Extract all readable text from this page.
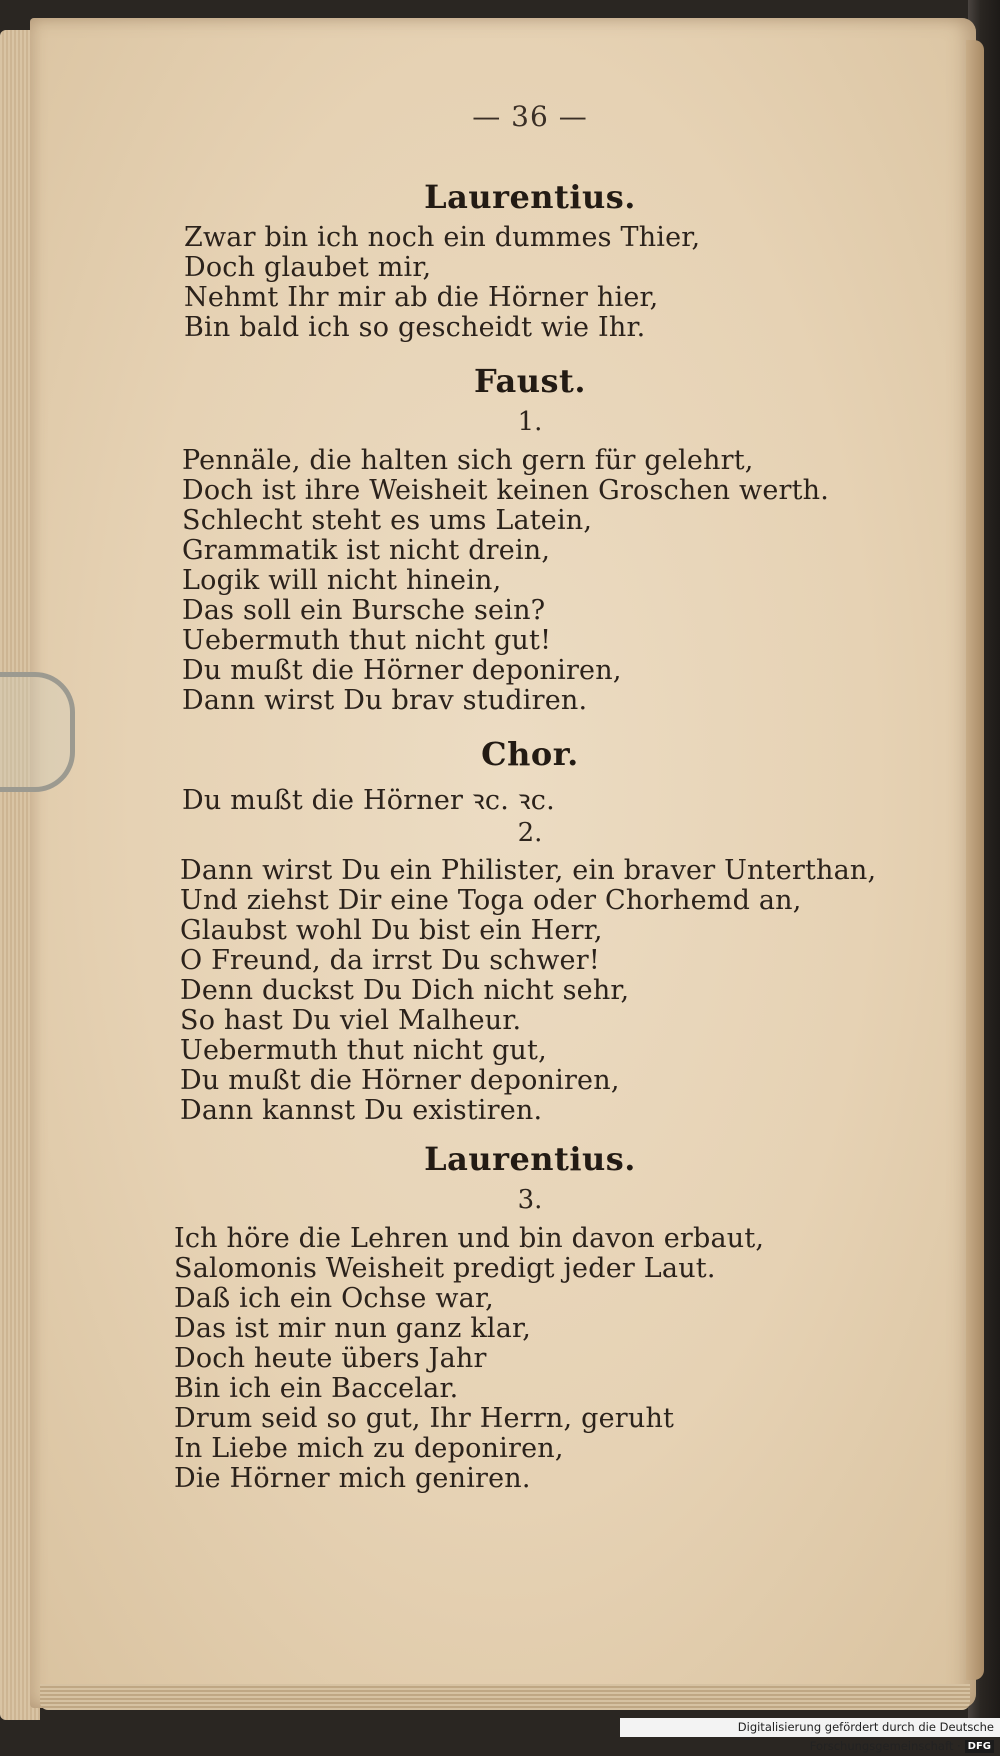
— 36 —
Laurentius.
Zwar bin ich noch ein dummes Thier,
Doch glaubet mir,
Nehmt Ihr mir ab die Hörner hier,
Bin bald ich so gescheidt wie Ihr.
Faust.
1.
Pennäle, die halten sich gern für gelehrt,
Doch ist ihre Weisheit keinen Groschen werth.
Schlecht steht es ums Latein,
Grammatik ist nicht drein,
Logik will nicht hinein,
Das soll ein Bursche sein?
Uebermuth thut nicht gut!
Du mußt die Hörner deponiren,
Dann wirst Du brav studiren.
Chor.
Du mußt die Hörner ꝛc. ꝛc.
2.
Dann wirst Du ein Philister, ein braver Unterthan,
Und ziehst Dir eine Toga oder Chorhemd an,
Glaubst wohl Du bist ein Herr,
O Freund, da irrst Du schwer!
Denn duckst Du Dich nicht sehr,
So hast Du viel Malheur.
Uebermuth thut nicht gut,
Du mußt die Hörner deponiren,
Dann kannst Du existiren.
Laurentius.
3.
Ich höre die Lehren und bin davon erbaut,
Salomonis Weisheit predigt jeder Laut.
Daß ich ein Ochse war,
Das ist mir nun ganz klar,
Doch heute übers Jahr
Bin ich ein Baccelar.
Drum seid so gut, Ihr Herrn, geruht
In Liebe mich zu deponiren,
Die Hörner mich geniren.
Digitalisierung gefördert durch die Deutsche Forschungsgemeinschaft · DFG
